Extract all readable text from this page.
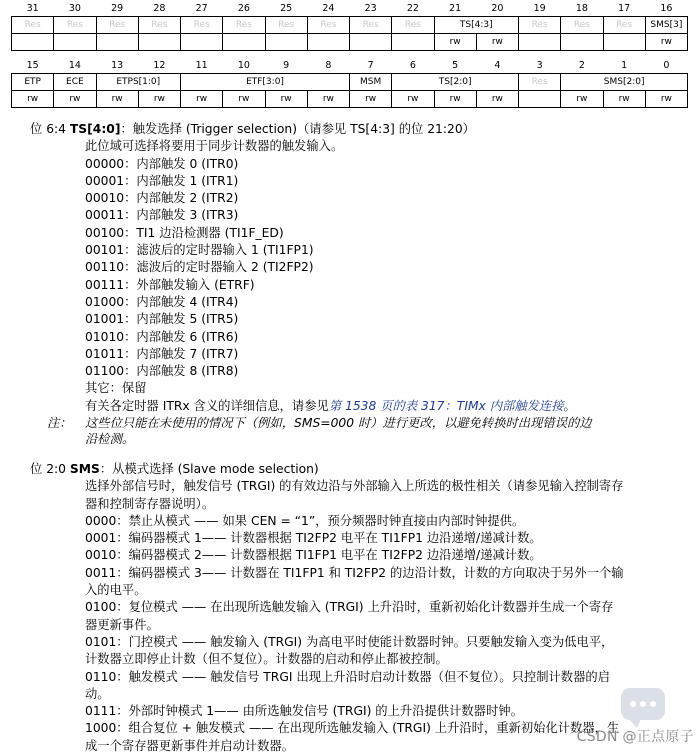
31	30	29	28	27	26	25	24	23	22	21	20	19	18	17	16
Res	Res	Res	Res	Res	Res	Res	Res	Res	Res	TS[4:3]		Res	Res	Res	SMS[3]
										rw	rw				rw
15	14	13	12	11	10	9	8	7	6	5	4	3	2	1	0
ETP	ECE	ETPS[1:0]		ETF[3:0]				MSM	TS[2:0]			Res	SMS[2:0]		
rw	rw	rw	rw	rw	rw	rw	rw	rw	rw	rw	rw		rw	rw	rw
位 6:4 TS[4:0]：触发选择 (Trigger selection)（请参见 TS[4:3] 的位 21:20）
此位域可选择将要用于同步计数器的触发输入。
00000：内部触发 0 (ITR0)
00001：内部触发 1 (ITR1)
00010：内部触发 2 (ITR2)
00011：内部触发 3 (ITR3)
00100：TI1 边沿检测器 (TI1F_ED)
00101：滤波后的定时器输入 1 (TI1FP1)
00110：滤波后的定时器输入 2 (TI2FP2)
00111：外部触发输入 (ETRF)
01000：内部触发 4 (ITR4)
01001：内部触发 5 (ITR5)
01010：内部触发 6 (ITR6)
01011：内部触发 7 (ITR7)
01100：内部触发 8 (ITR8)
其它：保留
有关各定时器 ITRx 含义的详细信息，请参见第 1538 页的表 317：TIMx 内部触发连接。
注：	这些位只能在未使用的情况下（例如，SMS=000 时）进行更改，以避免转换时出现错误的边沿检测。
位 2:0 SMS：从模式选择 (Slave mode selection)
选择外部信号时，触发信号 (TRGI) 的有效边沿与外部输入上所选的极性相关（请参见输入控制寄存器和控制寄存器说明）。
0000：禁止从模式 —— 如果 CEN = “1”，预分频器时钟直接由内部时钟提供。
0001：编码器模式 1—— 计数器根据 TI2FP2 电平在 TI1FP1 边沿递增/递减计数。
0010：编码器模式 2—— 计数器根据 TI1FP1 电平在 TI2FP2 边沿递增/递减计数。
0011：编码器模式 3—— 计数器在 TI1FP1 和 TI2FP2 的边沿计数，计数的方向取决于另外一个输入的电平。
0100：复位模式 —— 在出现所选触发输入 (TRGI) 上升沿时，重新初始化计数器并生成一个寄存器更新事件。
0101：门控模式 —— 触发输入 (TRGI) 为高电平时使能计数器时钟。只要触发输入变为低电平，计数器立即停止计数（但不复位）。计数器的启动和停止都被控制。
0110：触发模式 —— 触发信号 TRGI 出现上升沿时启动计数器（但不复位）。只控制计数器的启动。
0111：外部时钟模式 1—— 由所选触发信号 (TRGI) 的上升沿提供计数器时钟。
1000：组合复位 + 触发模式 —— 在出现所选触发输入 (TRGI) 上升沿时，重新初始化计数器，生成一个寄存器更新事件并启动计数器。
CSDN @正点原子
